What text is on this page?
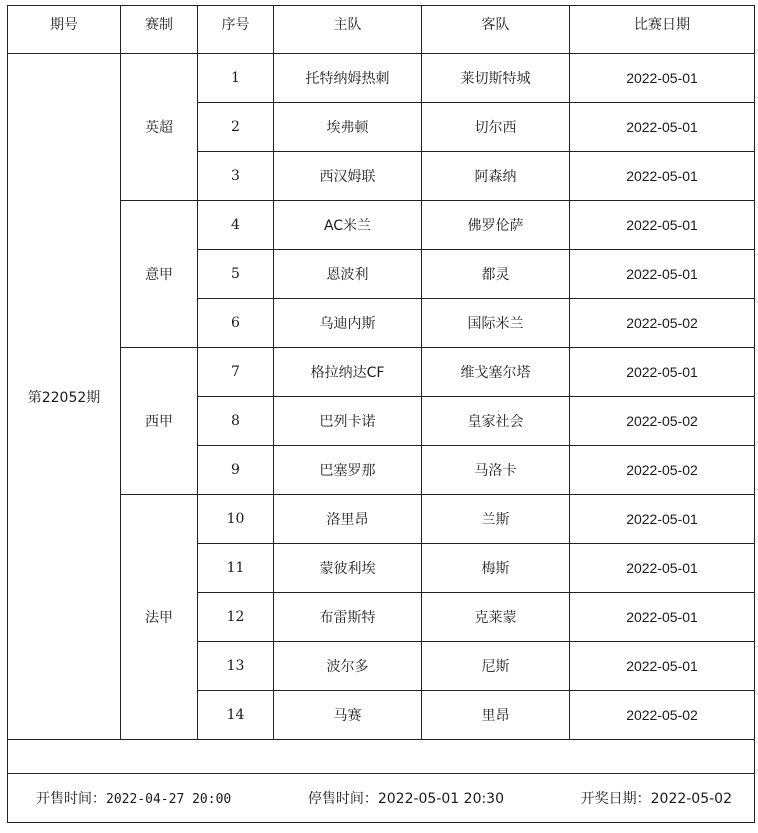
期号	赛制	序号	主队	客队	比赛日期
第22052期	英超	1	托特纳姆热刺	莱切斯特城	2022-05-01
		2	埃弗顿	切尔西	2022-05-01
		3	西汉姆联	阿森纳	2022-05-01
	意甲	4	AC米兰	佛罗伦萨	2022-05-01
		5	恩波利	都灵	2022-05-01
		6	乌迪内斯	国际米兰	2022-05-02
	西甲	7	格拉纳达CF	维戈塞尔塔	2022-05-01
		8	巴列卡诺	皇家社会	2022-05-02
		9	巴塞罗那	马洛卡	2022-05-02
	法甲	10	洛里昂	兰斯	2022-05-01
		11	蒙彼利埃	梅斯	2022-05-01
		12	布雷斯特	克莱蒙	2022-05-01
		13	波尔多	尼斯	2022-05-01
		14	马赛	里昂	2022-05-02

开售时间：2022-04-27 20:00 停售时间：2022-05-01 20:30 开奖日期：2022-05-02					
